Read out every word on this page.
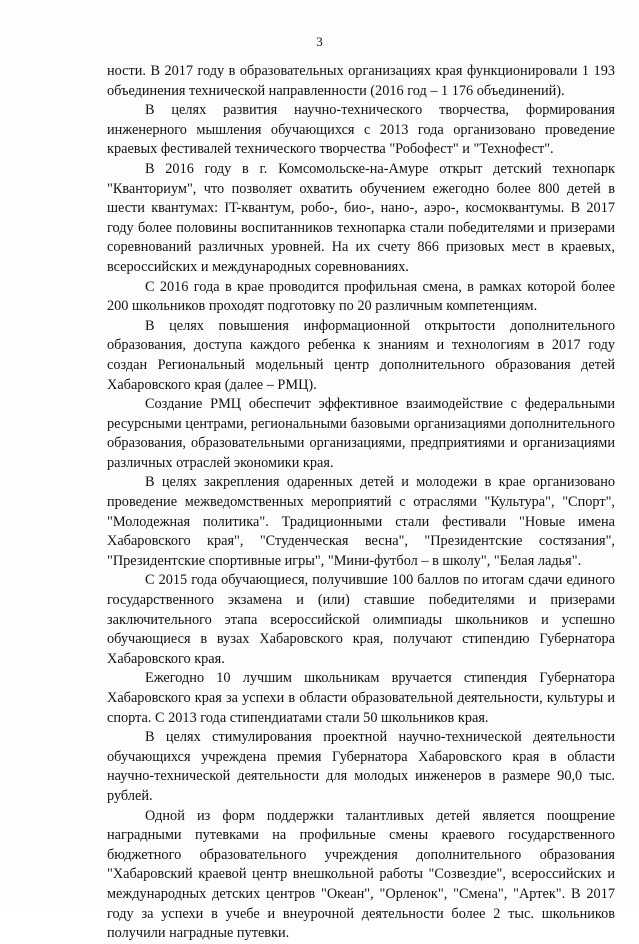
3

ности. В 2017 году в образовательных организациях края функционировали 1 193 объединения технической направленности (2016 год – 1 176 объединений).

В целях развития научно-технического творчества, формирования инженерного мышления обучающихся с 2013 года организовано проведение краевых фестивалей технического творчества "Робофест" и "Технофест".

В 2016 году в г. Комсомольске-на-Амуре открыт детский технопарк "Кванториум", что позволяет охватить обучением ежегодно более 800 детей в шести квантумах: IT-квантум, робо-, био-, нано-, аэро-, космоквантумы. В 2017 году более половины воспитанников технопарка стали победителями и призерами соревнований различных уровней. На их счету 866 призовых мест в краевых, всероссийских и международных соревнованиях.

С 2016 года в крае проводится профильная смена, в рамках которой более 200 школьников проходят подготовку по 20 различным компетенциям.

В целях повышения информационной открытости дополнительного образования, доступа каждого ребенка к знаниям и технологиям в 2017 году создан Региональный модельный центр дополнительного образования детей Хабаровского края (далее – РМЦ).

Создание РМЦ обеспечит эффективное взаимодействие с федеральными ресурсными центрами, региональными базовыми организациями дополнительного образования, образовательными организациями, предприятиями и организациями различных отраслей экономики края.

В целях закрепления одаренных детей и молодежи в крае организовано проведение межведомственных мероприятий с отраслями "Культура", "Спорт", "Молодежная политика". Традиционными стали фестивали "Новые имена Хабаровского края", "Студенческая весна", "Президентские состязания", "Президентские спортивные игры", "Мини-футбол – в школу", "Белая ладья".

С 2015 года обучающиеся, получившие 100 баллов по итогам сдачи единого государственного экзамена и (или) ставшие победителями и призерами заключительного этапа всероссийской олимпиады школьников и успешно обучающиеся в вузах Хабаровского края, получают стипендию Губернатора Хабаровского края.

Ежегодно 10 лучшим школьникам вручается стипендия Губернатора Хабаровского края за успехи в области образовательной деятельности, культуры и спорта. С 2013 года стипендиатами стали 50 школьников края.

В целях стимулирования проектной научно-технической деятельности обучающихся учреждена премия Губернатора Хабаровского края в области научно-технической деятельности для молодых инженеров в размере 90,0 тыс. рублей.

Одной из форм поддержки талантливых детей является поощрение наградными путевками на профильные смены краевого государственного бюджетного образовательного учреждения дополнительного образования "Хабаровский краевой центр внешкольной работы "Созвездие", всероссийских и международных детских центров "Океан", "Орленок", "Смена", "Артек". В 2017 году за успехи в учебе и внеурочной деятельности более 2 тыс. школьников получили наградные путевки.
